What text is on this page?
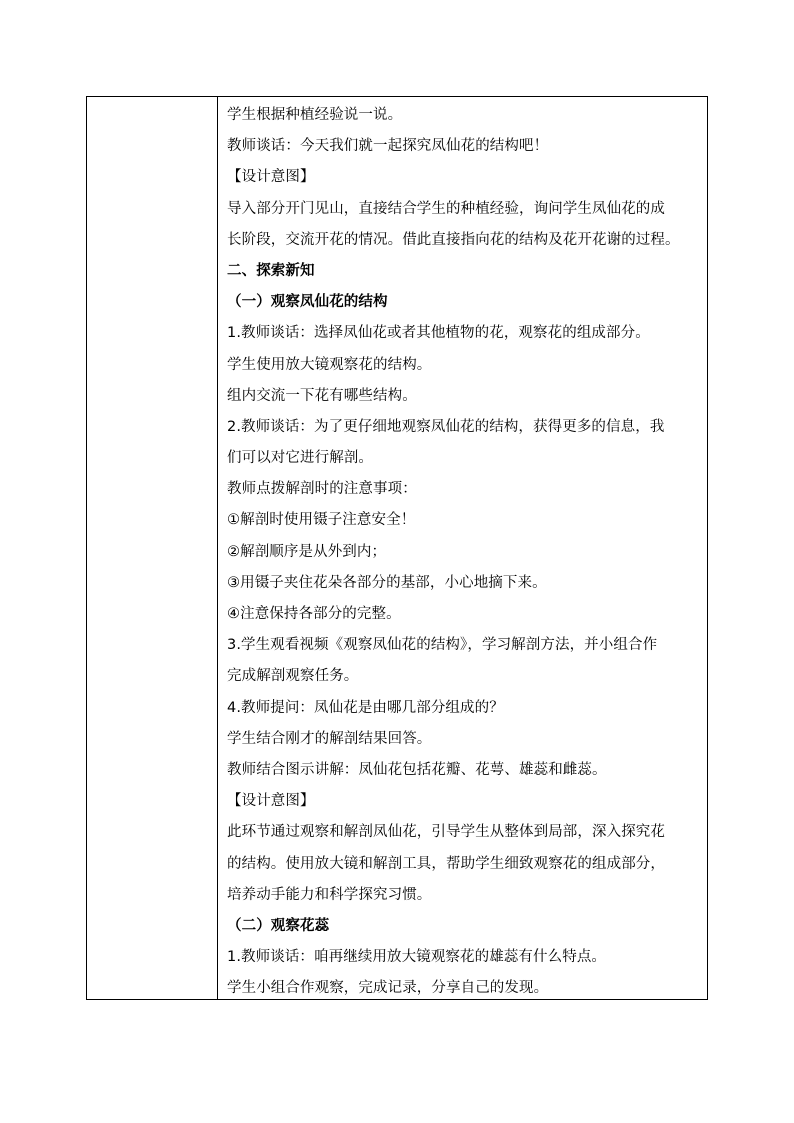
学生根据种植经验说一说。
教师谈话：今天我们就一起探究凤仙花的结构吧！
【设计意图】
导入部分开门见山，直接结合学生的种植经验，询问学生凤仙花的成
长阶段，交流开花的情况。借此直接指向花的结构及花开花谢的过程。
二、探索新知
（一）观察凤仙花的结构
1.教师谈话：选择凤仙花或者其他植物的花，观察花的组成部分。
学生使用放大镜观察花的结构。
组内交流一下花有哪些结构。
2.教师谈话：为了更仔细地观察凤仙花的结构，获得更多的信息，我
们可以对它进行解剖。
教师点拨解剖时的注意事项：
①解剖时使用镊子注意安全！
②解剖顺序是从外到内；
③用镊子夹住花朵各部分的基部，小心地摘下来。
④注意保持各部分的完整。
3.学生观看视频《观察凤仙花的结构》，学习解剖方法，并小组合作
完成解剖观察任务。
4.教师提问：凤仙花是由哪几部分组成的？
学生结合刚才的解剖结果回答。
教师结合图示讲解：凤仙花包括花瓣、花萼、雄蕊和雌蕊。
【设计意图】
此环节通过观察和解剖凤仙花，引导学生从整体到局部，深入探究花
的结构。使用放大镜和解剖工具，帮助学生细致观察花的组成部分，
培养动手能力和科学探究习惯。
（二）观察花蕊
1.教师谈话：咱再继续用放大镜观察花的雄蕊有什么特点。
学生小组合作观察，完成记录，分享自己的发现。
